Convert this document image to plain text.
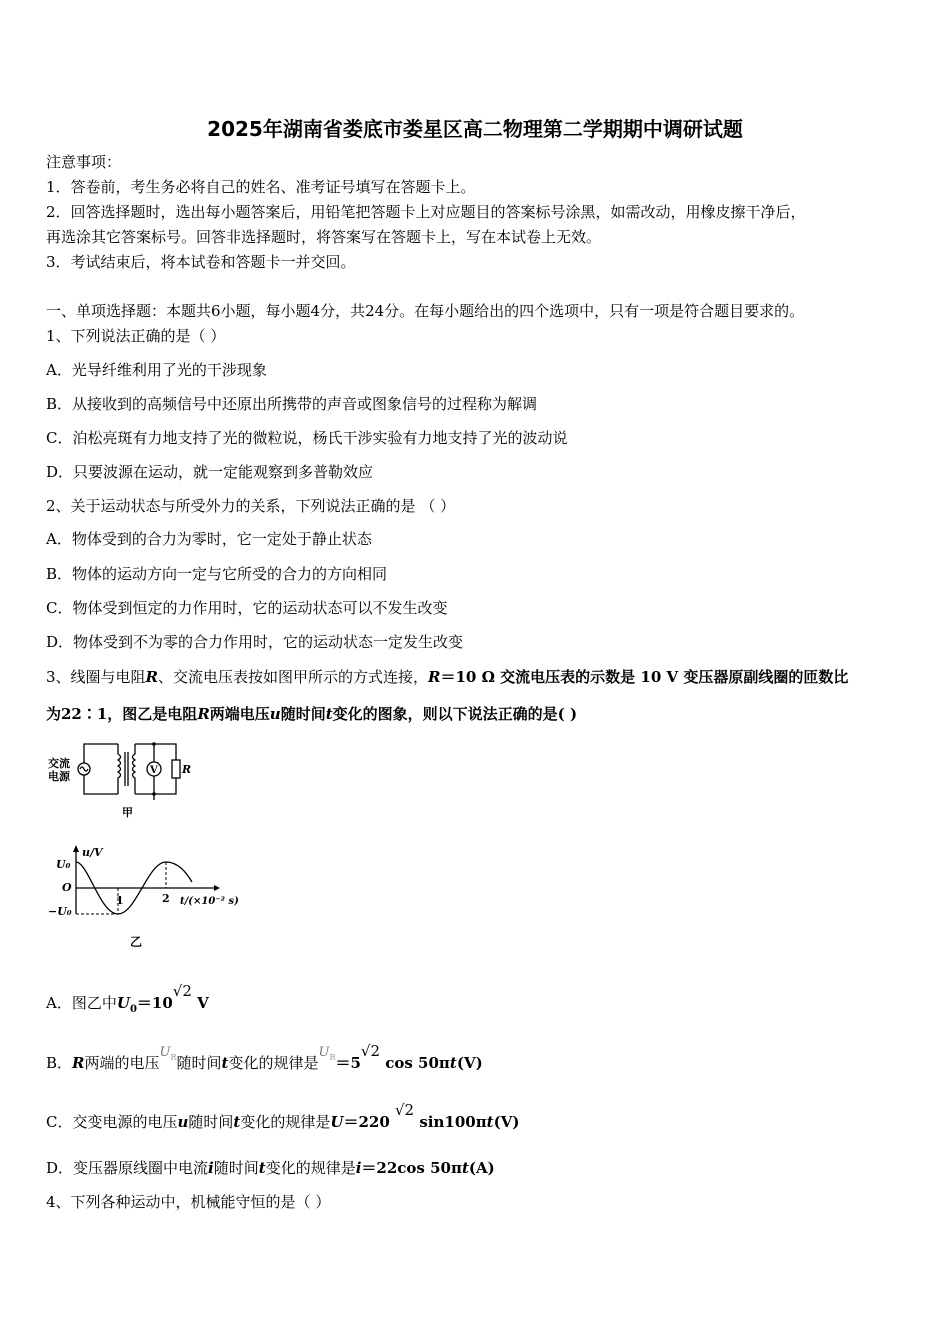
2025年湖南省娄底市娄星区高二物理第二学期期中调研试题
注意事项：
1．答卷前，考生务必将自己的姓名、准考证号填写在答题卡上。
2．回答选择题时，选出每小题答案后，用铅笔把答题卡上对应题目的答案标号涂黑，如需改动，用橡皮擦干净后，
再选涂其它答案标号。回答非选择题时，将答案写在答题卡上，写在本试卷上无效。
3．考试结束后，将本试卷和答题卡一并交回。
一、单项选择题：本题共6小题，每小题4分，共24分。在每小题给出的四个选项中，只有一项是符合题目要求的。
1、下列说法正确的是（ ）
A．光导纤维利用了光的干涉现象
B．从接收到的高频信号中还原出所携带的声音或图象信号的过程称为解调
C．泊松亮斑有力地支持了光的微粒说，杨氏干涉实验有力地支持了光的波动说
D．只要波源在运动，就一定能观察到多普勒效应
2、关于运动状态与所受外力的关系，下列说法正确的是 （ ）
A．物体受到的合力为零时，它一定处于静止状态
B．物体的运动方向一定与它所受的合力的方向相同
C．物体受到恒定的力作用时，它的运动状态可以不发生改变
D．物体受到不为零的合力作用时，它的运动状态一定发生改变
3、线圈与电阻R、交流电压表按如图甲所示的方式连接，R＝10 Ω 交流电压表的示数是 10 V 变压器原副线圈的匝数比
为22∶1，图乙是电阻R两端电压u随时间t变化的图象，则以下说法正确的是( )
交流
电源	V R
甲
u/V
U₀
O
−U₀
1	2 t/(×10⁻² s)
乙
A．图乙中$U_0=10√2$ V
B．R两端的电压$U^R$随时间t变化的规律是$U^R=5√2$ cos 50πt(V)
C．交变电源的电压u随时间t变化的规律是U＝220 √2 sin100πt(V)
D．变压器原线圈中电流i随时间t变化的规律是i＝22cos 50πt(A)
4、下列各种运动中，机械能守恒的是（ ）
